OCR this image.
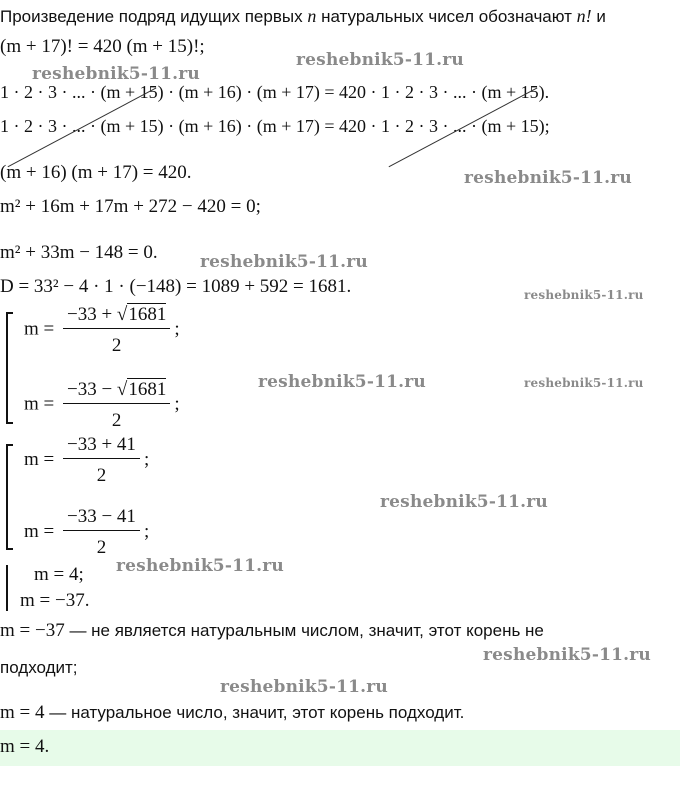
Произведение подряд идущих первых n натуральных чисел обозначают n! и
(m + 17)! = 420 (m + 15)!;
1 · 2 · 3 · ... · (m + 15) · (m + 16) · (m + 17) = 420 · 1 · 2 · 3 · ... · (m + 15).
1 · 2 · 3 · ... · (m + 15) · (m + 16) · (m + 17) = 420 · 1 · 2 · 3 · ... · (m + 15);
(m + 16) (m + 17) = 420.
m² + 16m + 17m + 272 − 420 = 0;
m² + 33m − 148 = 0.
D = 33² − 4 · 1 · (−148) = 1089 + 592 = 1681.
$m = \frac{-33 + √1681}{2}$ ;
$m = \frac{-33 - √1681}{2}$ ;
$m = \frac{-33 + 41}{2}$ ;
$m = \frac{-33 - 41}{2}$ ;
m = 4;
m = −37.
m = −37 — не является натуральным числом, значит, этот корень не
подходит;
m = 4 — натуральное число, значит, этот корень подходит.
m = 4.
reshebnik5-11.ru
reshebnik5-11.ru
reshebnik5-11.ru
reshebnik5-11.ru
reshebnik5-11.ru
reshebnik5-11.ru	reshebnik5-11.ru
reshebnik5-11.ru
reshebnik5-11.ru
reshebnik5-11.ru
reshebnik5-11.ru
